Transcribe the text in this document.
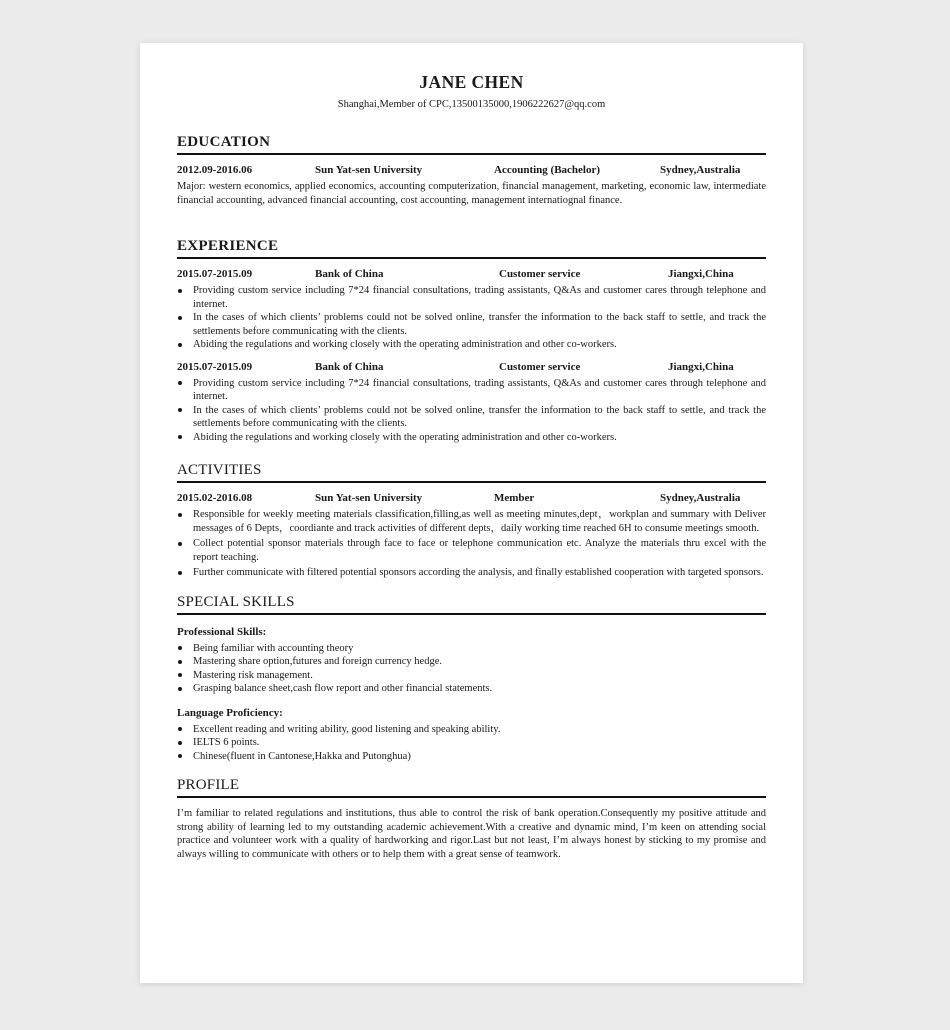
JANE CHEN
Shanghai,Member of CPC,13500135000,1906222627@qq.com
EDUCATION
2012.09-2016.06	Sun Yat-sen University	Accounting (Bachelor)	Sydney,Australia

Major: western economics, applied economics, accounting computerization, financial management, marketing, economic law, intermediate financial accounting, advanced financial accounting, cost accounting, management internatiognal finance.

EXPERIENCE
2015.07-2015.09	Bank of China	Customer service	Jiangxi,China
Providing custom service including 7*24 financial consultations, trading assistants, Q&As and customer cares through telephone and internet.
In the cases of which clients’ problems could not be solved online, transfer the information to the back staff to settle, and track the settlements before communicating with the clients.
Abiding the regulations and working closely with the operating administration and other co-workers.
2015.07-2015.09	Bank of China	Customer service	Jiangxi,China
Providing custom service including 7*24 financial consultations, trading assistants, Q&As and customer cares through telephone and internet.
In the cases of which clients’ problems could not be solved online, transfer the information to the back staff to settle, and track the settlements before communicating with the clients.
Abiding the regulations and working closely with the operating administration and other co-workers.
ACTIVITIES
2015.02-2016.08	Sun Yat-sen University	Member	Sydney,Australia
Responsible for weekly meeting materials classification,filling,as well as meeting minutes,dept，workplan and summary with Deliver messages of 6 Depts，coordiante and track activities of different depts，daily working time reached 6H to consume meetings smooth.
Collect potential sponsor materials through face to face or telephone communication etc. Analyze the materials thru excel with the report teaching.
Further communicate with filtered potential sponsors according the analysis, and finally established cooperation with targeted sponsors.
SPECIAL SKILLS
Professional Skills:
Being familiar with accounting theory
Mastering share option,futures and foreign currency hedge.
Mastering risk management.
Grasping balance sheet,cash flow report and other financial statements.
Language Proficiency:
Excellent reading and writing ability, good listening and speaking ability.
IELTS 6 points.
Chinese(fluent in Cantonese,Hakka and Putonghua)
PROFILE

I’m familiar to related regulations and institutions, thus able to control the risk of bank operation.Consequently my positive attitude and strong ability of learning led to my outstanding academic achievement.With a creative and dynamic mind, I’m keen on attending social practice and volunteer work with a quality of hardworking and rigor.Last but not least, I’m always honest by sticking to my promise and always willing to communicate with others or to help them with a great sense of teamwork.
